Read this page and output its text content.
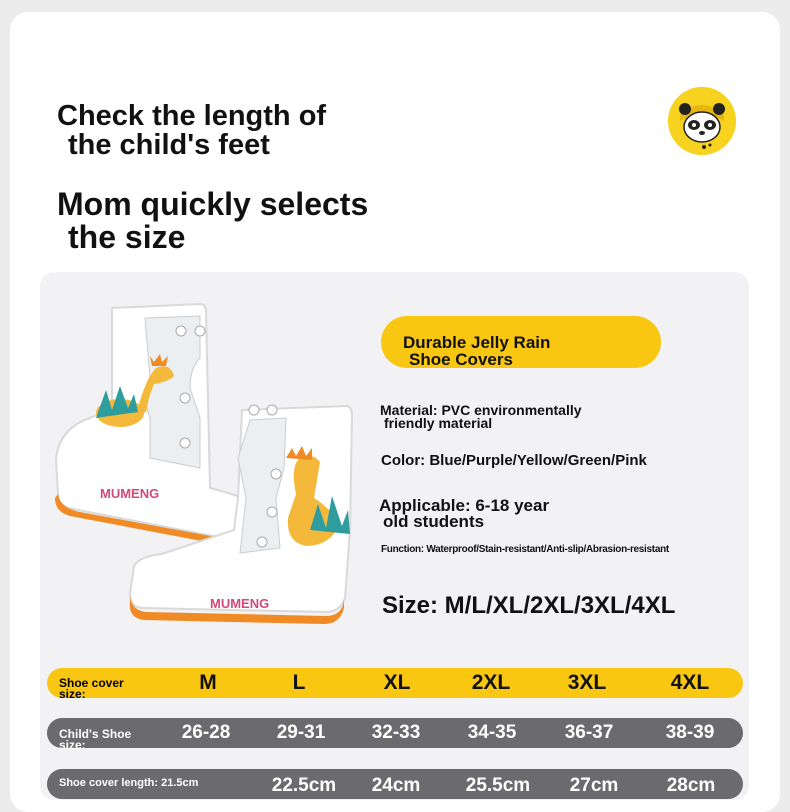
Check the length of
the child's feet
Mom quickly selects
the size
MUMENG
MUMENG
Durable Jelly Rain
Shoe Covers
Material: PVC environmentally
friendly material
Color: Blue/Purple/Yellow/Green/Pink
Applicable: 6-18 year
old students
Function: Waterproof/Stain-resistant/Anti-slip/Abrasion-resistant
Size: M/L/XL/2XL/3XL/4XL
Shoe cover
size:	M	L	XL	2XL	3XL	4XL
Child's Shoe
size:
26-28	29-31	32-33	34-35	36-37	38-39
Shoe cover length: 21.5cm	22.5cm	24cm	25.5cm	27cm	28cm
